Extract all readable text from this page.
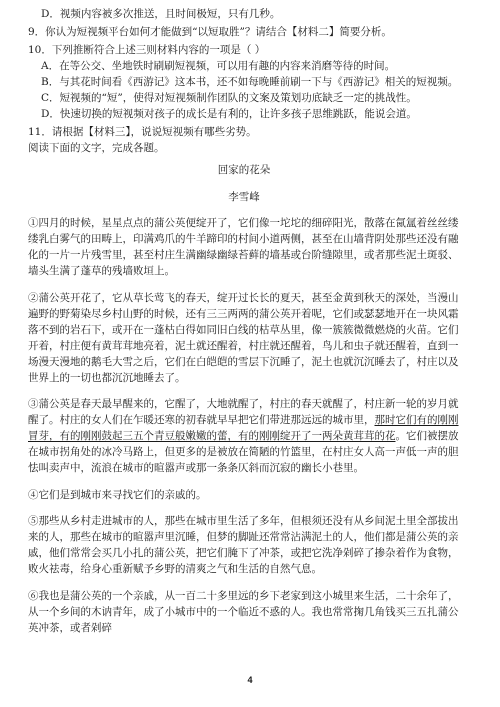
D．视频内容被多次推送，且时间极短，只有几秒。

9．你认为短视频平台如何才能做到“以短取胜”？请结合【材料二】简要分析。

10．下列推断符合上述三则材料内容的一项是（ ）

A．在等公交、坐地铁时刷刷短视频，可以用有趣的内容来消磨等待的时间。

B．与其花时间看《西游记》这本书，还不如每晚睡前刷一下与《西游记》相关的短视频。

C．短视频的“短”，使得对短视频制作团队的文案及策划功底缺乏一定的挑战性。

D．快速切换的短视频对孩子的成长是有利的，让许多孩子思维跳跃，能说会道。

11．请根据【材料三】，说说短视频有哪些劣势。

阅读下面的文字，完成各题。

回家的花朵

李雪峰

①四月的时候，星星点点的蒲公英便绽开了，它们像一坨坨的细碎阳光，散落在氤氲着丝丝缕缕乳白雾气的田畴上，印满鸡爪的牛羊蹄印的村间小道两侧，甚至在山墙背阴处那些还没有融化的一片一片残雪里，甚至村庄生满幽绿幽绿苔藓的墙基或台阶缝隙里，或者那些泥土斑驳、墙头生满了蓬草的残墙败垣上。

②蒲公英开花了，它从草长莺飞的春天，绽开过长长的夏天，甚至金黄到秋天的深处，当漫山遍野的野菊染尽乡村山野的时候，还有三三两两的蒲公英开着呢，它们或瑟瑟地开在一块风霜落不到的岩石下，或开在一蓬枯白得如同旧白线的枯草丛里，像一簇簇微微燃烧的火苗。它们开着，村庄便有黄茸茸地亮着，泥土就还醒着，村庄就还醒着，鸟儿和虫子就还醒着，直到一场漫天漫地的鹅毛大雪之后，它们在白皑皑的雪层下沉睡了，泥土也就沉沉睡去了，村庄以及世界上的一切也都沉沉地睡去了。

③蒲公英是春天最早醒来的，它醒了，大地就醒了，村庄的春天就醒了，村庄新一轮的岁月就醒了。村庄的女人们在乍暖还寒的初春就早早把它们带进那远远的城市里，那时它们有的刚刚冒芽，有的刚刚鼓起三五个青豆般嫩嫩的蕾，有的刚刚绽开了一两朵黄茸茸的花。它们被摆放在城市拐角处的冰冷马路上，但更多的是被放在简陋的竹篮里，在村庄女人高一声低一声的胆怯叫卖声中，流浪在城市的暄嚣声或那一条条仄斜而沉寂的幽长小巷里。

④它们是到城市来寻找它们的亲戚的。

⑤那些从乡村走进城市的人，那些在城市里生活了多年，但根须还没有从乡间泥土里全部拔出来的人，那些在城市的暄嚣声里沉睡，但梦的脚趾还常常沾满泥土的人，他们都是蒲公英的亲戚，他们常常会买几小扎的蒲公英，把它们腌下了冲茶，或把它洗净剁碎了掺杂着作为食物，败火祛毒，给身心重新赋予乡野的清爽之气和生活的自然气息。

⑥我也是蒲公英的一个亲戚，从一百二十多里远的乡下老家到这小城里来生活，二十余年了，从一个乡间的木讷青年，成了小城市中的一个临近不惑的人。我也常常掬几角钱买三五扎蒲公英冲茶，或者剁碎

4
